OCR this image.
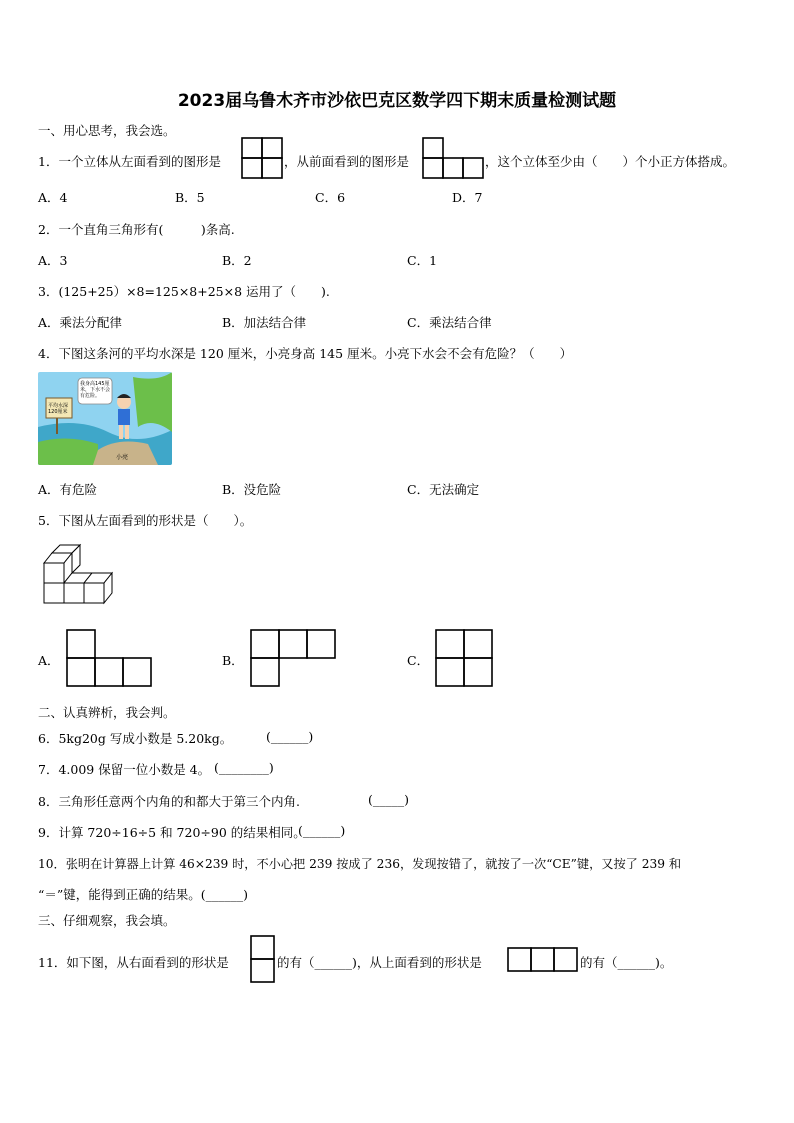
2023届乌鲁木齐市沙依巴克区数学四下期末质量检测试题
一、用心思考，我会选。
1．一个立体从左面看到的图形是	，从前面看到的图形是	，这个立体至少由（　　）个小正方体搭成。
A．4	B．5	C．6	D．7
2．一个直角三角形有(　　　)条高.
A．3	B．2	C．1
3．(125+25）×8=125×8+25×8 运用了（　　).
A．乘法分配律	B．加法结合律	C．乘法结合律
4．下图这条河的平均水深是 120 厘米，小亮身高 145 厘米。小亮下水会不会有危险？（　　）
平均水深120厘米
我身高145厘米，下水不会有危险。
小亮
A．有危险	B．没危险	C．无法确定
5．下图从左面看到的形状是（　　）。
A．	B．	C．
二、认真辨析，我会判。
6．5kg20g 写成小数是 5.20kg。	(______)
7．4.009 保留一位小数是 4。 (________)
8．三角形任意两个内角的和都大于第三个内角.	(_____)
9．计算 720÷16÷5 和 720÷90 的结果相同。
(______)
10．张明在计算器上计算 46×239 时，不小心把 239 按成了 236，发现按错了，就按了一次“CE”键，又按了 239 和
“＝”键，能得到正确的结果。(______)
三、仔细观察，我会填。
11．如下图，从右面看到的形状是	的有（______)，从上面看到的形状是	的有（______)。
